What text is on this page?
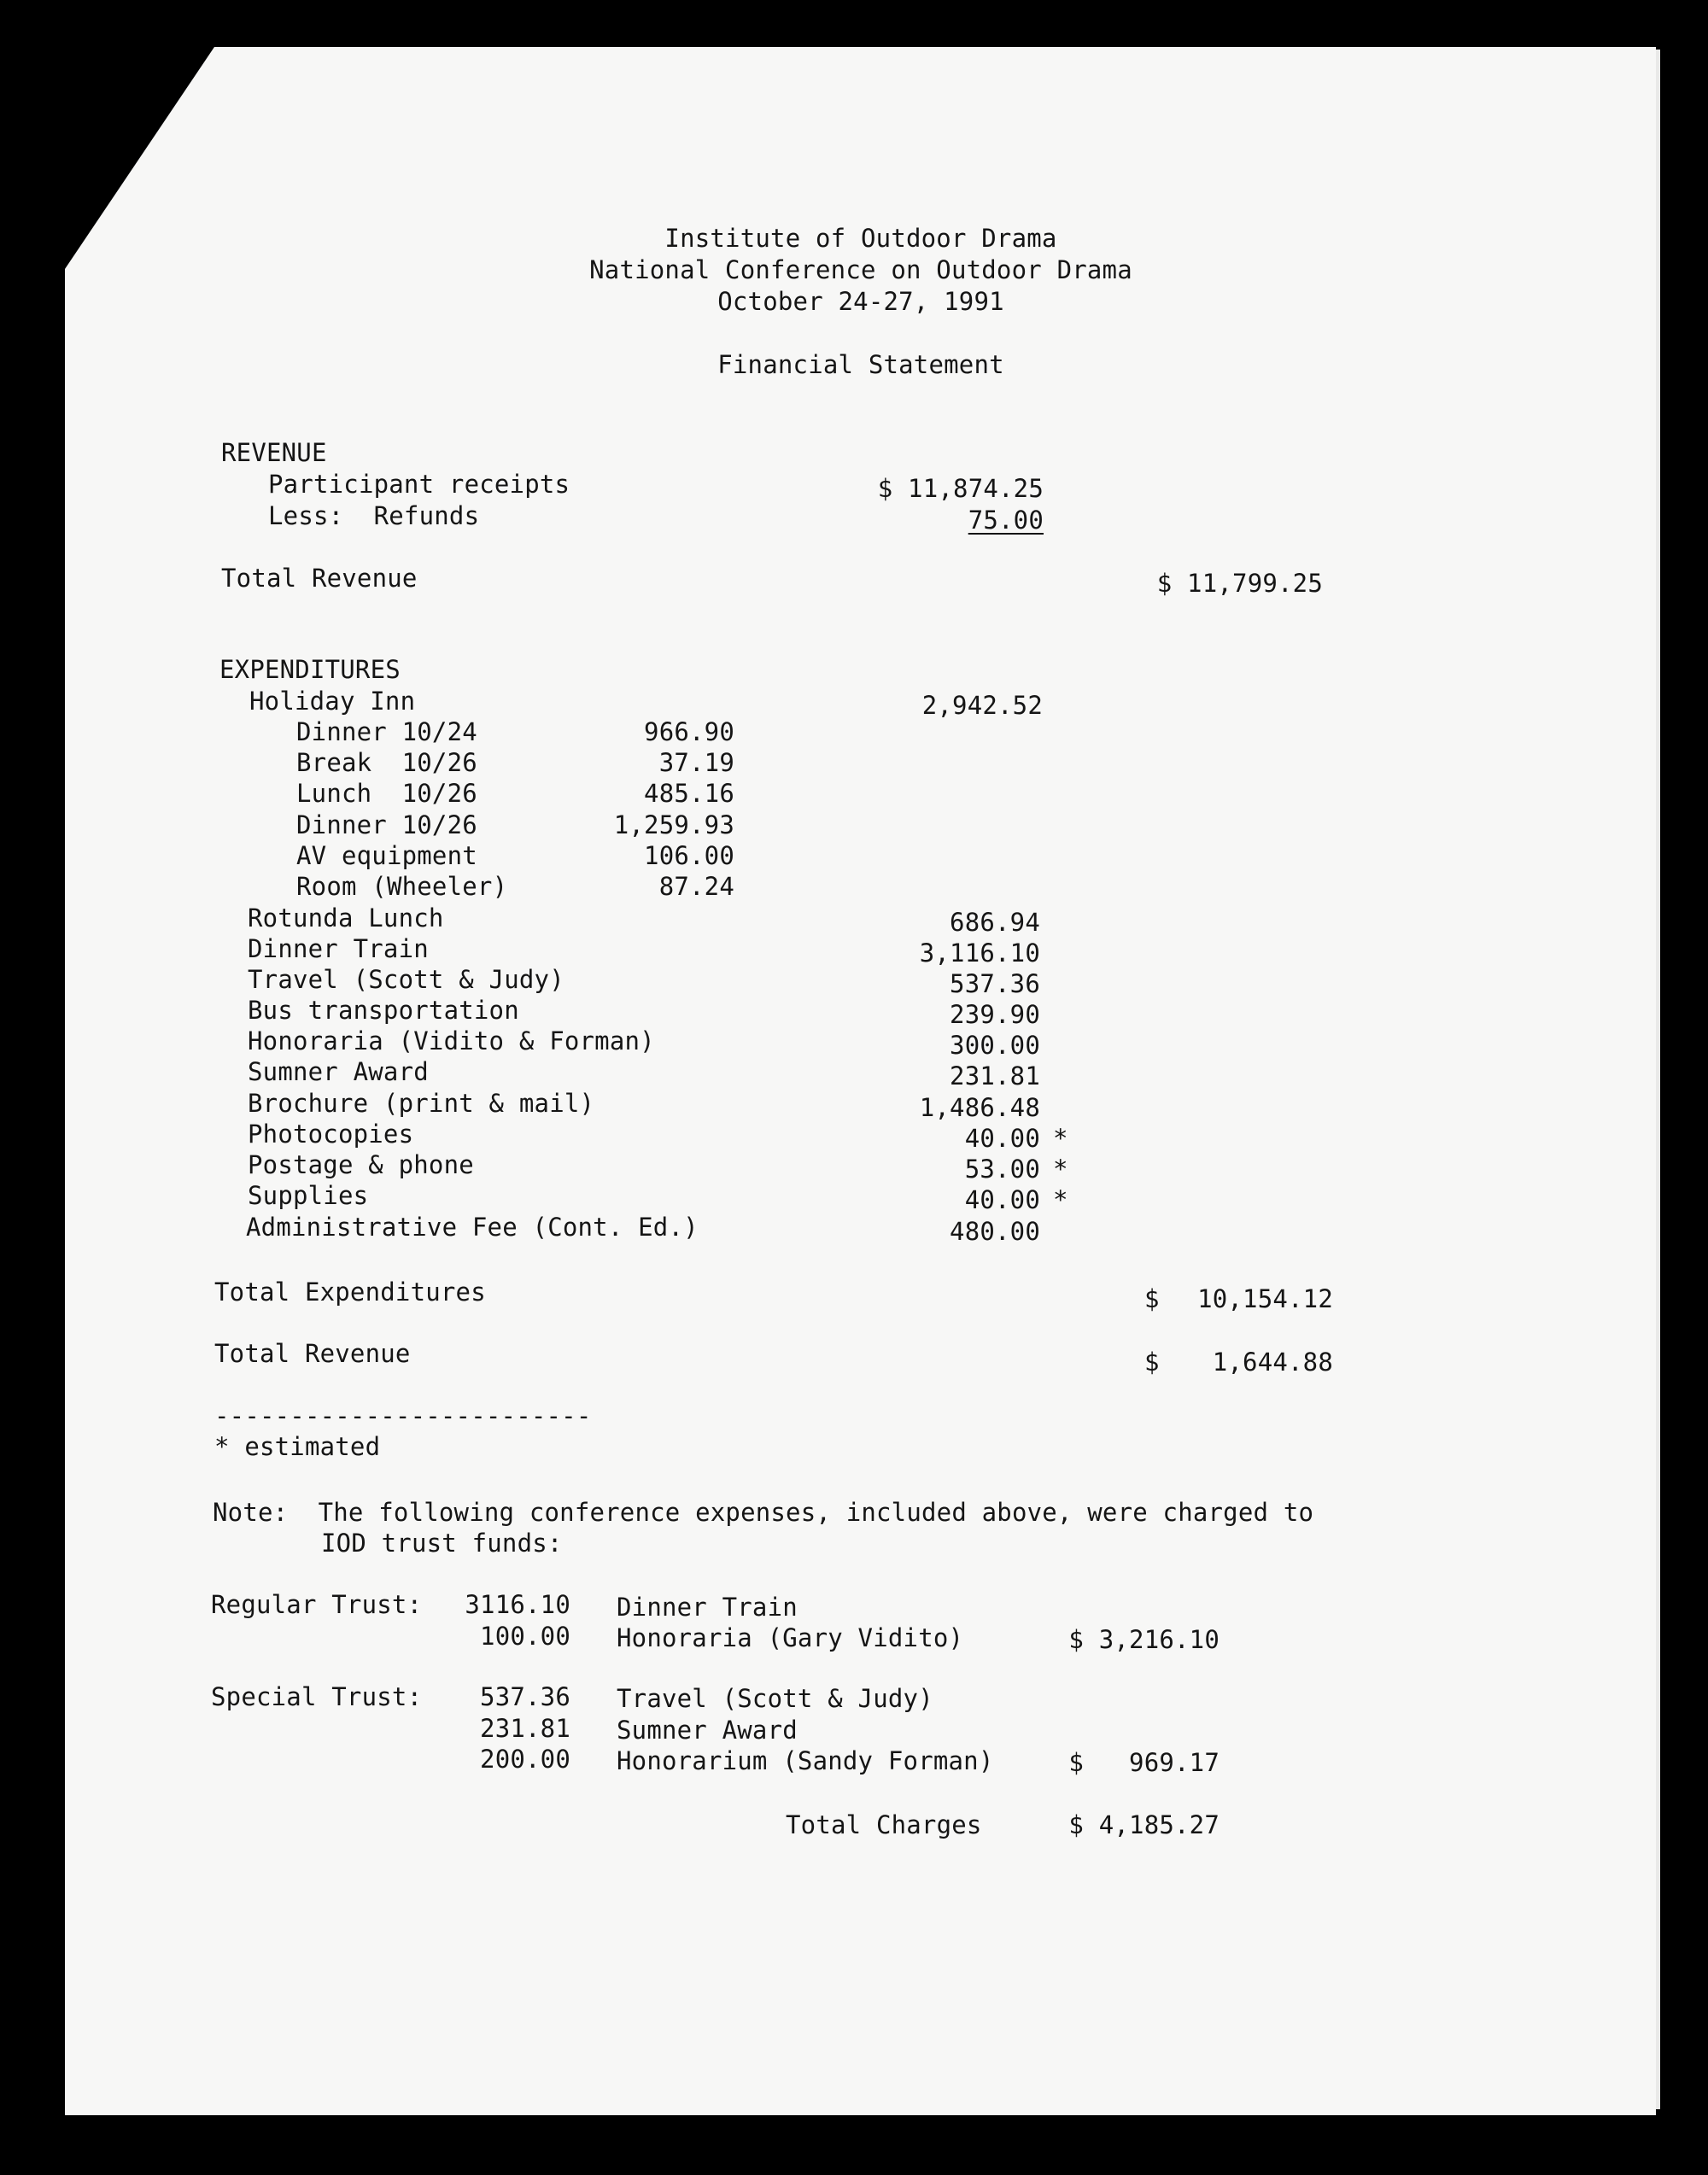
Institute of Outdoor Drama
National Conference on Outdoor Drama
October 24-27, 1991
Financial Statement
REVENUE
Participant receipts	$ 11,874.25
Less:  Refunds	75.00
Total Revenue	$ 11,799.25
EXPENDITURES
Holiday Inn	2,942.52
Dinner 10/24	966.90
Break  10/26	37.19
Lunch  10/26	485.16
Dinner 10/26	1,259.93
AV equipment	106.00
Room (Wheeler)	87.24
Rotunda Lunch	686.94
Dinner Train	3,116.10
Travel (Scott & Judy)	537.36
Bus transportation	239.90
Honoraria (Vidito & Forman)	300.00
Sumner Award	231.81
Brochure (print & mail)	1,486.48
Photocopies	40.00 *
Postage & phone	53.00 *
Supplies	40.00 *
Administrative Fee (Cont. Ed.)	480.00
Total Expenditures	$ 10,154.12
Total Revenue	$ 1,644.88
-------------------------
* estimated
Note:  The following conference expenses, included above, were charged to
IOD trust funds:
Regular Trust: 3116.10 Dinner Train
100.00 Honoraria (Gary Vidito)	$ 3,216.10
Special Trust: 537.36 Travel (Scott & Judy)
231.81 Sumner Award
200.00 Honorarium (Sandy Forman)	$   969.17
Total Charges	$ 4,185.27
